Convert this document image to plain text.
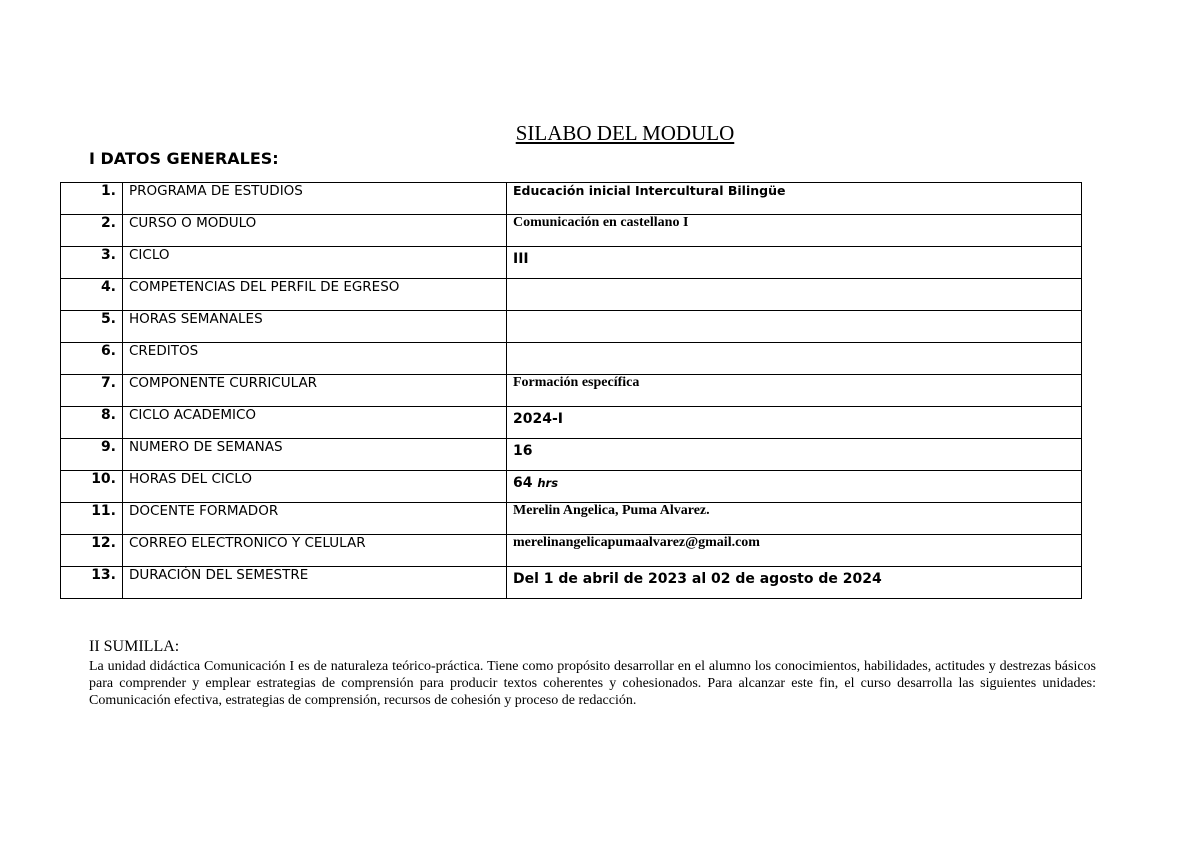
SILABO DEL MODULO
I DATOS GENERALES:
1.	PROGRAMA DE ESTUDIOS	Educación inicial Intercultural Bilingüe
2.	CURSO O MODULO	Comunicación en castellano I
3.	CICLO	III
4.	COMPETENCIAS DEL PERFIL DE EGRESO	
5.	HORAS SEMANALES	
6.	CREDITOS	
7.	COMPONENTE CURRICULAR	Formación específica
8.	CICLO ACADEMICO	2024-I
9.	NUMERO DE SEMANAS	16
10.	HORAS DEL CICLO	64 hrs
11.	DOCENTE FORMADOR	Merelin Angelica, Puma Alvarez.
12.	CORREO ELECTRONICO Y CELULAR	merelinangelicapumaalvarez@gmail.com
13.	DURACIÓN DEL SEMESTRE	Del 1 de abril de 2023 al 02 de agosto de 2024
II SUMILLA:
La unidad didáctica Comunicación I es de naturaleza teórico-práctica. Tiene como propósito desarrollar en el alumno los conocimientos, habilidades, actitudes y destrezas básicos para comprender y emplear estrategias de comprensión para producir textos coherentes y cohesionados. Para alcanzar este fin, el curso desarrolla las siguientes unidades: Comunicación efectiva, estrategias de comprensión, recursos de cohesión y proceso de redacción.
